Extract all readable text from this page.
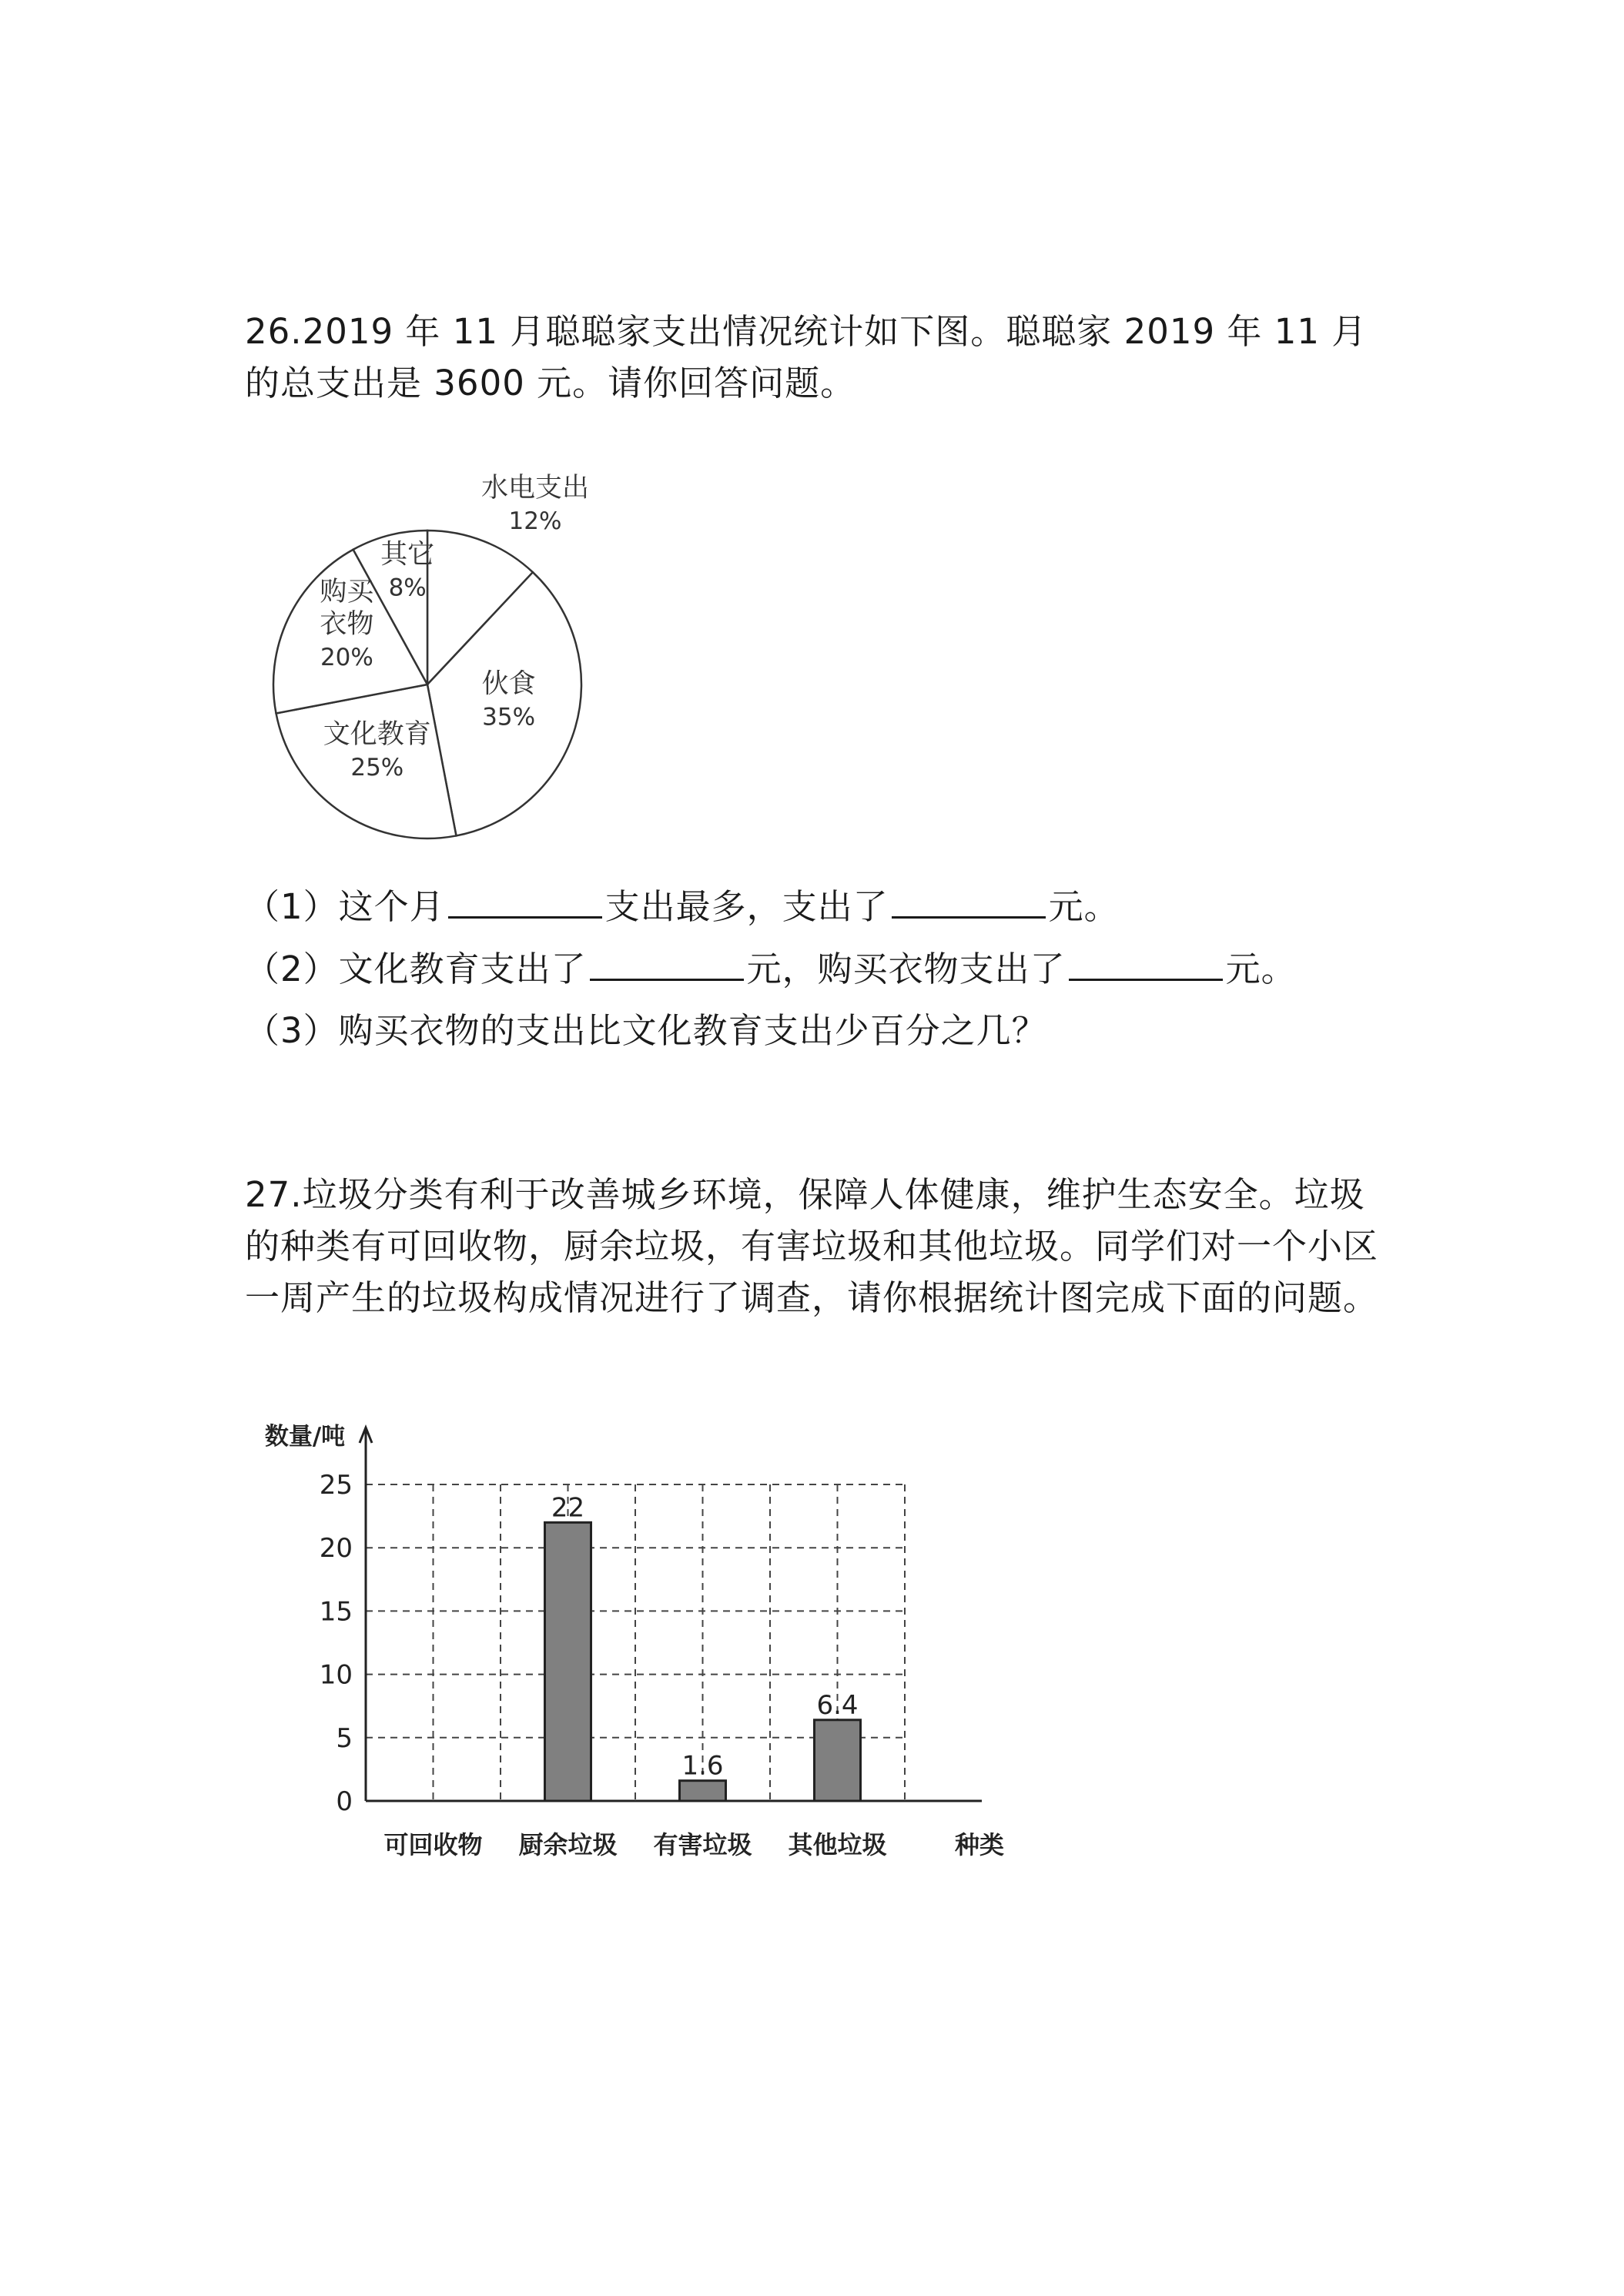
26.2019 年 11 月聪聪家支出情况统计如下图。聪聪家 2019 年 11 月的总支出是 3600 元。请你回答问题。

水电支出
12%
伙食
35%
文化教育
25%
购买
衣物
20%
其它
8%

（1）这个月	支出最多，支出了	元。

（2）文化教育支出了	元，购买衣物支出了	元。

（3）购买衣物的支出比文化教育支出少百分之几？

27.垃圾分类有利于改善城乡环境，保障人体健康，维护生态安全。垃圾的种类有可回收物，厨余垃圾，有害垃圾和其他垃圾。同学们对一个小区一周产生的垃圾构成情况进行了调查，请你根据统计图完成下面的问题。

0
5
10
15
20
25
数量/吨
种类
可回收物 厨余垃圾
22
有害垃圾
1.6
其他垃圾
6.4
